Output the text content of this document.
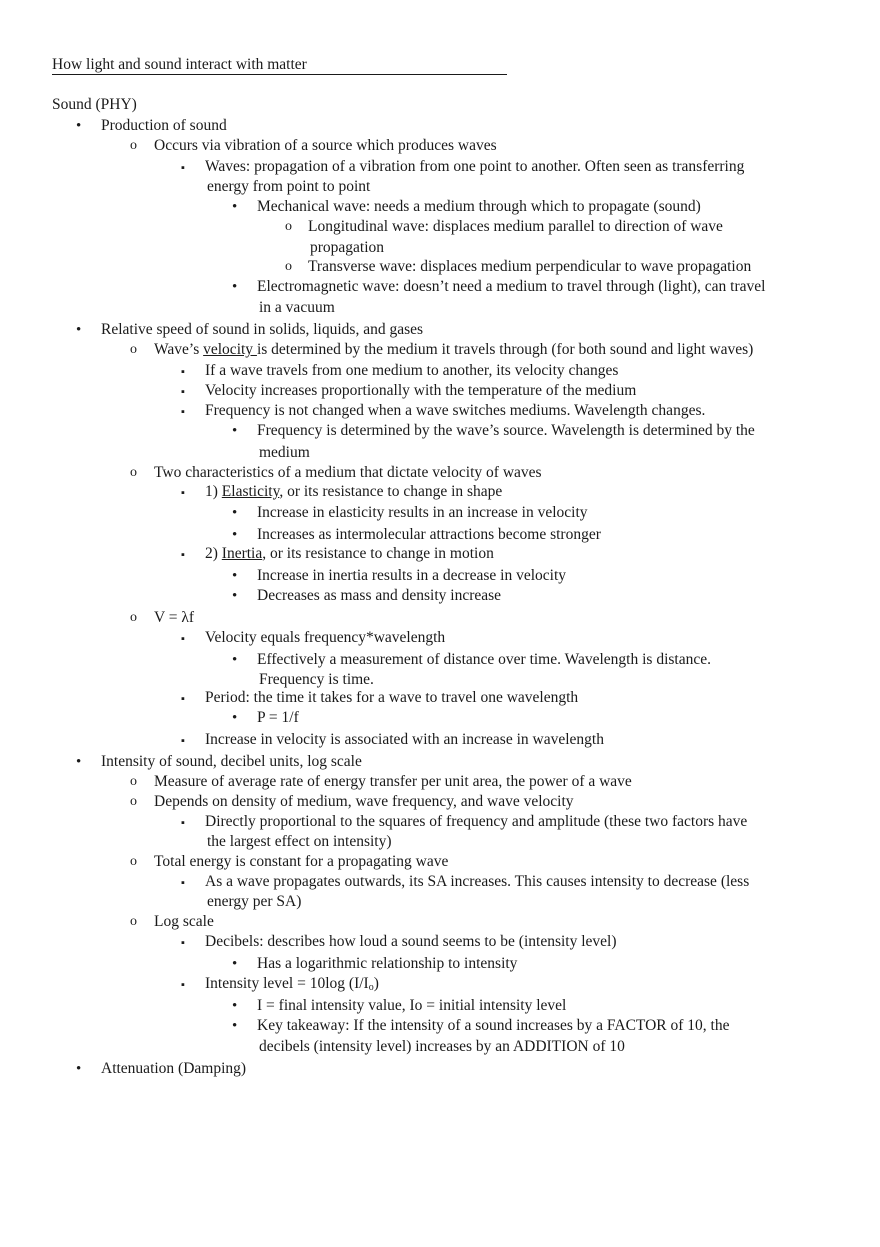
How light and sound interact with matter
Sound (PHY)
• Production of sound
o Occurs via vibration of a source which produces waves
▪ Waves: propagation of a vibration from one point to another. Often seen as transferring
energy from point to point
• Mechanical wave: needs a medium through which to propagate (sound)
o Longitudinal wave: displaces medium parallel to direction of wave
propagation
o Transverse wave: displaces medium perpendicular to wave propagation
• Electromagnetic wave: doesn’t need a medium to travel through (light), can travel
in a vacuum
• Relative speed of sound in solids, liquids, and gases
o Wave’s velocity is determined by the medium it travels through (for both sound and light waves)
▪ If a wave travels from one medium to another, its velocity changes
▪ Velocity increases proportionally with the temperature of the medium
▪ Frequency is not changed when a wave switches mediums. Wavelength changes.
• Frequency is determined by the wave’s source. Wavelength is determined by the
medium
o Two characteristics of a medium that dictate velocity of waves
▪ 1) Elasticity, or its resistance to change in shape
• Increase in elasticity results in an increase in velocity
• Increases as intermolecular attractions become stronger
▪ 2) Inertia, or its resistance to change in motion
• Increase in inertia results in a decrease in velocity
• Decreases as mass and density increase
o V = λf
▪ Velocity equals frequency*wavelength
• Effectively a measurement of distance over time. Wavelength is distance.
Frequency is time.
▪ Period: the time it takes for a wave to travel one wavelength
• P = 1/f
▪ Increase in velocity is associated with an increase in wavelength
• Intensity of sound, decibel units, log scale
o Measure of average rate of energy transfer per unit area, the power of a wave
o Depends on density of medium, wave frequency, and wave velocity
▪ Directly proportional to the squares of frequency and amplitude (these two factors have
the largest effect on intensity)
o Total energy is constant for a propagating wave
▪ As a wave propagates outwards, its SA increases. This causes intensity to decrease (less
energy per SA)
o Log scale
▪ Decibels: describes how loud a sound seems to be (intensity level)
• Has a logarithmic relationship to intensity
▪ Intensity level = 10log $(I/I_o)$
• I = final intensity value, Io = initial intensity level
• Key takeaway: If the intensity of a sound increases by a FACTOR of 10, the
decibels (intensity level) increases by an ADDITION of 10
• Attenuation (Damping)
